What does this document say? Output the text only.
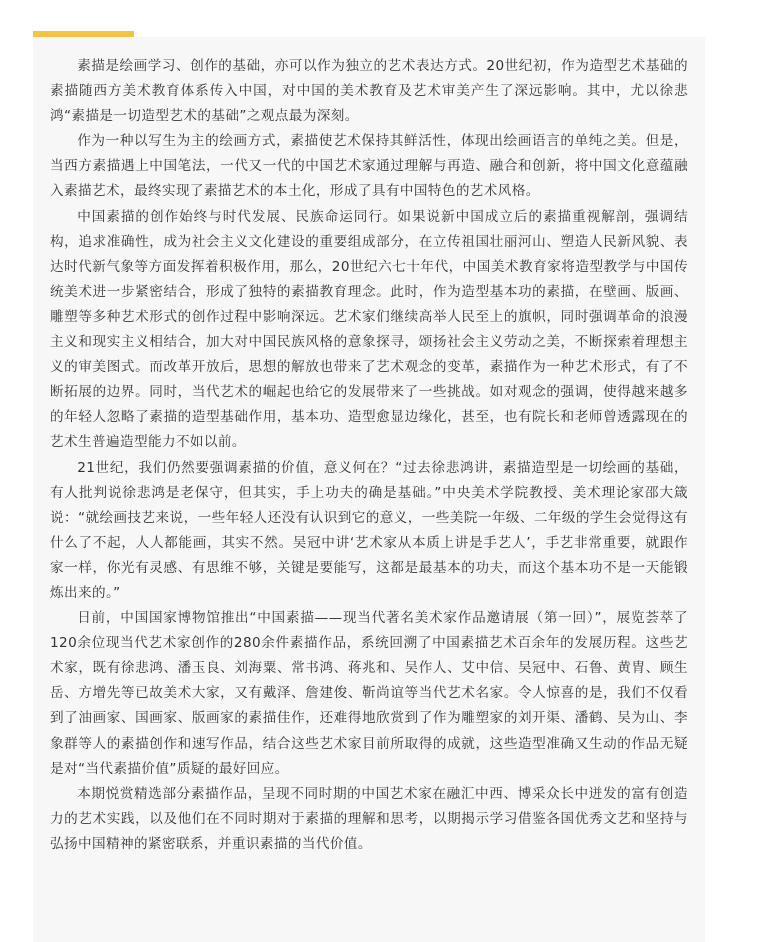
素描是绘画学习、创作的基础，亦可以作为独立的艺术表达方式。20世纪初，作为造型艺术基础的素描随西方美术教育体系传入中国，对中国的美术教育及艺术审美产生了深远影响。其中，尤以徐悲鸿“素描是一切造型艺术的基础”之观点最为深刻。

作为一种以写生为主的绘画方式，素描使艺术保持其鲜活性，体现出绘画语言的单纯之美。但是，当西方素描遇上中国笔法，一代又一代的中国艺术家通过理解与再造、融合和创新，将中国文化意蕴融入素描艺术，最终实现了素描艺术的本土化，形成了具有中国特色的艺术风格。

中国素描的创作始终与时代发展、民族命运同行。如果说新中国成立后的素描重视解剖，强调结构，追求准确性，成为社会主义文化建设的重要组成部分，在立传祖国壮丽河山、塑造人民新风貌、表达时代新气象等方面发挥着积极作用，那么，20世纪六七十年代，中国美术教育家将造型教学与中国传统美术进一步紧密结合，形成了独特的素描教育理念。此时，作为造型基本功的素描，在壁画、版画、雕塑等多种艺术形式的创作过程中影响深远。艺术家们继续高举人民至上的旗帜，同时强调革命的浪漫主义和现实主义相结合，加大对中国民族风格的意象探寻，颂扬社会主义劳动之美，不断探索着理想主义的审美图式。而改革开放后，思想的解放也带来了艺术观念的变革，素描作为一种艺术形式，有了不断拓展的边界。同时，当代艺术的崛起也给它的发展带来了一些挑战。如对观念的强调，使得越来越多的年轻人忽略了素描的造型基础作用，基本功、造型愈显边缘化，甚至，也有院长和老师曾透露现在的艺术生普遍造型能力不如以前。

21世纪，我们仍然要强调素描的价值，意义何在？“过去徐悲鸿讲，素描造型是一切绘画的基础，有人批判说徐悲鸿是老保守，但其实，手上功夫的确是基础。”中央美术学院教授、美术理论家邵大箴说：“就绘画技艺来说，一些年轻人还没有认识到它的意义，一些美院一年级、二年级的学生会觉得这有什么了不起，人人都能画，其实不然。吴冠中讲‘艺术家从本质上讲是手艺人’，手艺非常重要，就跟作家一样，你光有灵感、有思维不够，关键是要能写，这都是最基本的功夫，而这个基本功不是一天能锻炼出来的。”

日前，中国国家博物馆推出“中国素描——现当代著名美术家作品邀请展（第一回）”，展览荟萃了120余位现当代艺术家创作的280余件素描作品，系统回溯了中国素描艺术百余年的发展历程。这些艺术家，既有徐悲鸿、潘玉良、刘海粟、常书鸿、蒋兆和、吴作人、艾中信、吴冠中、石鲁、黄胄、顾生岳、方增先等已故美术大家，又有戴泽、詹建俊、靳尚谊等当代艺术名家。令人惊喜的是，我们不仅看到了油画家、国画家、版画家的素描佳作，还难得地欣赏到了作为雕塑家的刘开渠、潘鹤、吴为山、李象群等人的素描创作和速写作品，结合这些艺术家目前所取得的成就，这些造型准确又生动的作品无疑是对“当代素描价值”质疑的最好回应。

本期悦赏精选部分素描作品，呈现不同时期的中国艺术家在融汇中西、博采众长中迸发的富有创造力的艺术实践，以及他们在不同时期对于素描的理解和思考，以期揭示学习借鉴各国优秀文艺和坚持与弘扬中国精神的紧密联系，并重识素描的当代价值。
